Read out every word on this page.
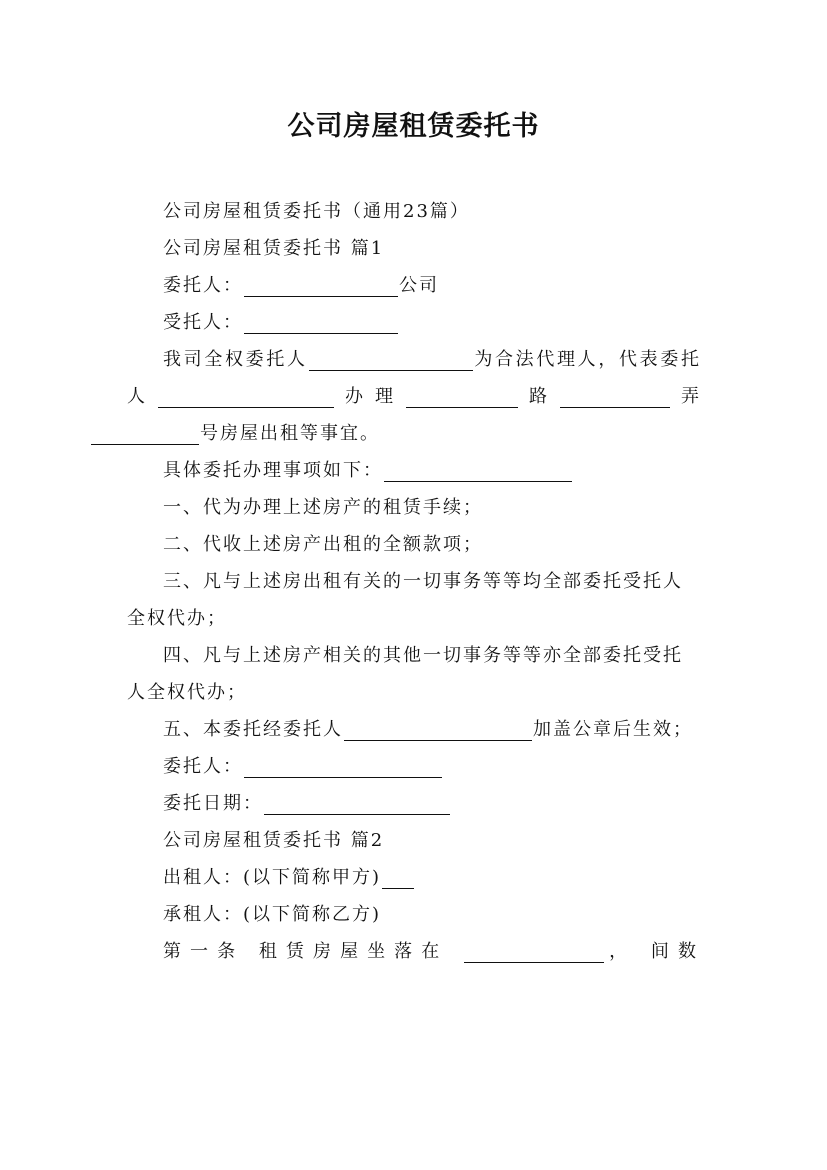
公司房屋租赁委托书

公司房屋租赁委托书（通用23篇）

公司房屋租赁委托书 篇1

委托人：	公司

受托人：

我司全权委托人	为合法代理人，代表委托人	办理	路	弄号房屋出租等事宜。

具体委托办理事项如下：

一、代为办理上述房产的租赁手续；

二、代收上述房产出租的全额款项；

三、凡与上述房出租有关的一切事务等等均全部委托受托人全权代办；

四、凡与上述房产相关的其他一切事务等等亦全部委托受托人全权代办；

五、本委托经委托人	加盖公章后生效；

委托人：

委托日期：

公司房屋租赁委托书 篇2

出租人：(以下简称甲方)

承租人：(以下简称乙方)

第一条 租赁房屋坐落在	， 间数
